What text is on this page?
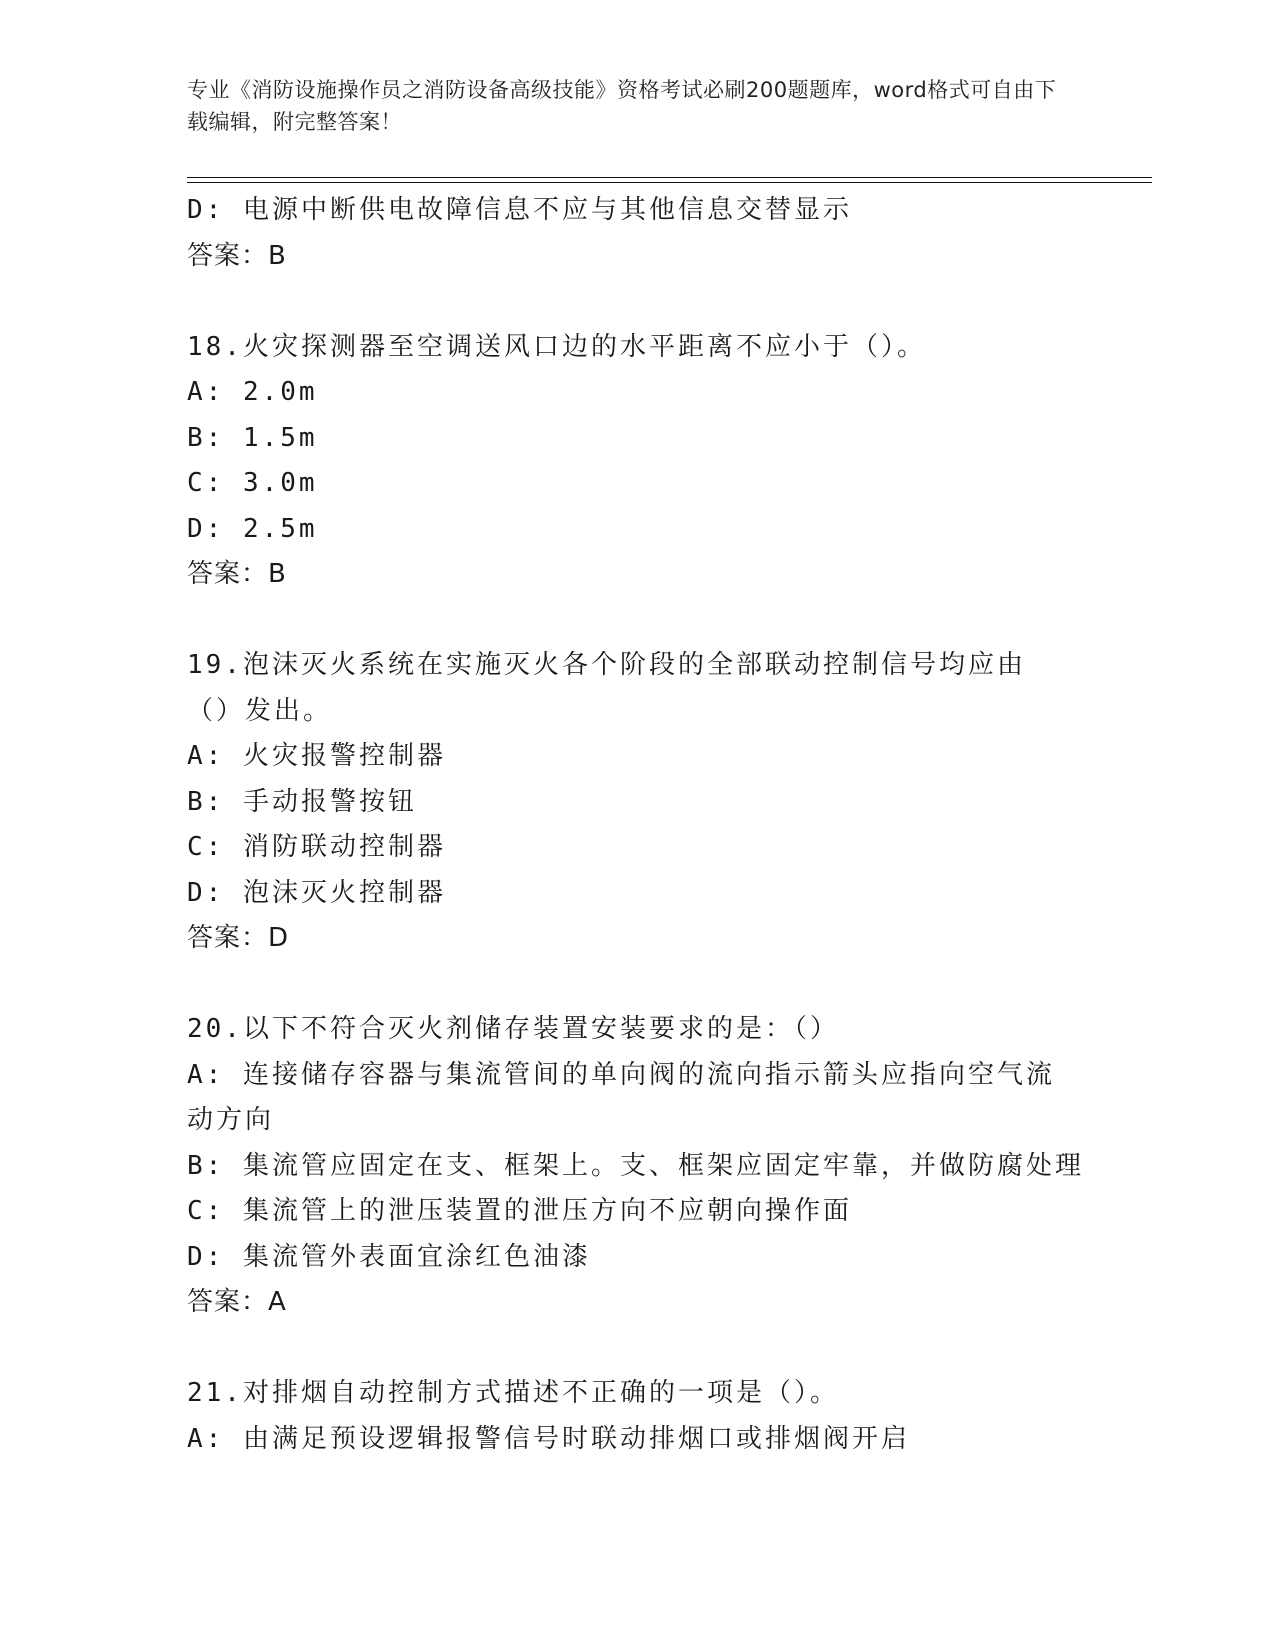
专业《消防设施操作员之消防设备高级技能》资格考试必刷200题题库，word格式可自由下载编辑，附完整答案！
D: 电源中断供电故障信息不应与其他信息交替显示
答案：B
18.火灾探测器至空调送风口边的水平距离不应小于（）。
A: 2.0m
B: 1.5m
C: 3.0m
D: 2.5m
答案：B
19.泡沫灭火系统在实施灭火各个阶段的全部联动控制信号均应由（）发出。
A: 火灾报警控制器
B: 手动报警按钮
C: 消防联动控制器
D: 泡沫灭火控制器
答案：D
20.以下不符合灭火剂储存装置安装要求的是：（）
A: 连接储存容器与集流管间的单向阀的流向指示箭头应指向空气流动方向
B: 集流管应固定在支、框架上。支、框架应固定牢靠，并做防腐处理
C: 集流管上的泄压装置的泄压方向不应朝向操作面
D: 集流管外表面宜涂红色油漆
答案：A
21.对排烟自动控制方式描述不正确的一项是（）。
A: 由满足预设逻辑报警信号时联动排烟口或排烟阀开启
